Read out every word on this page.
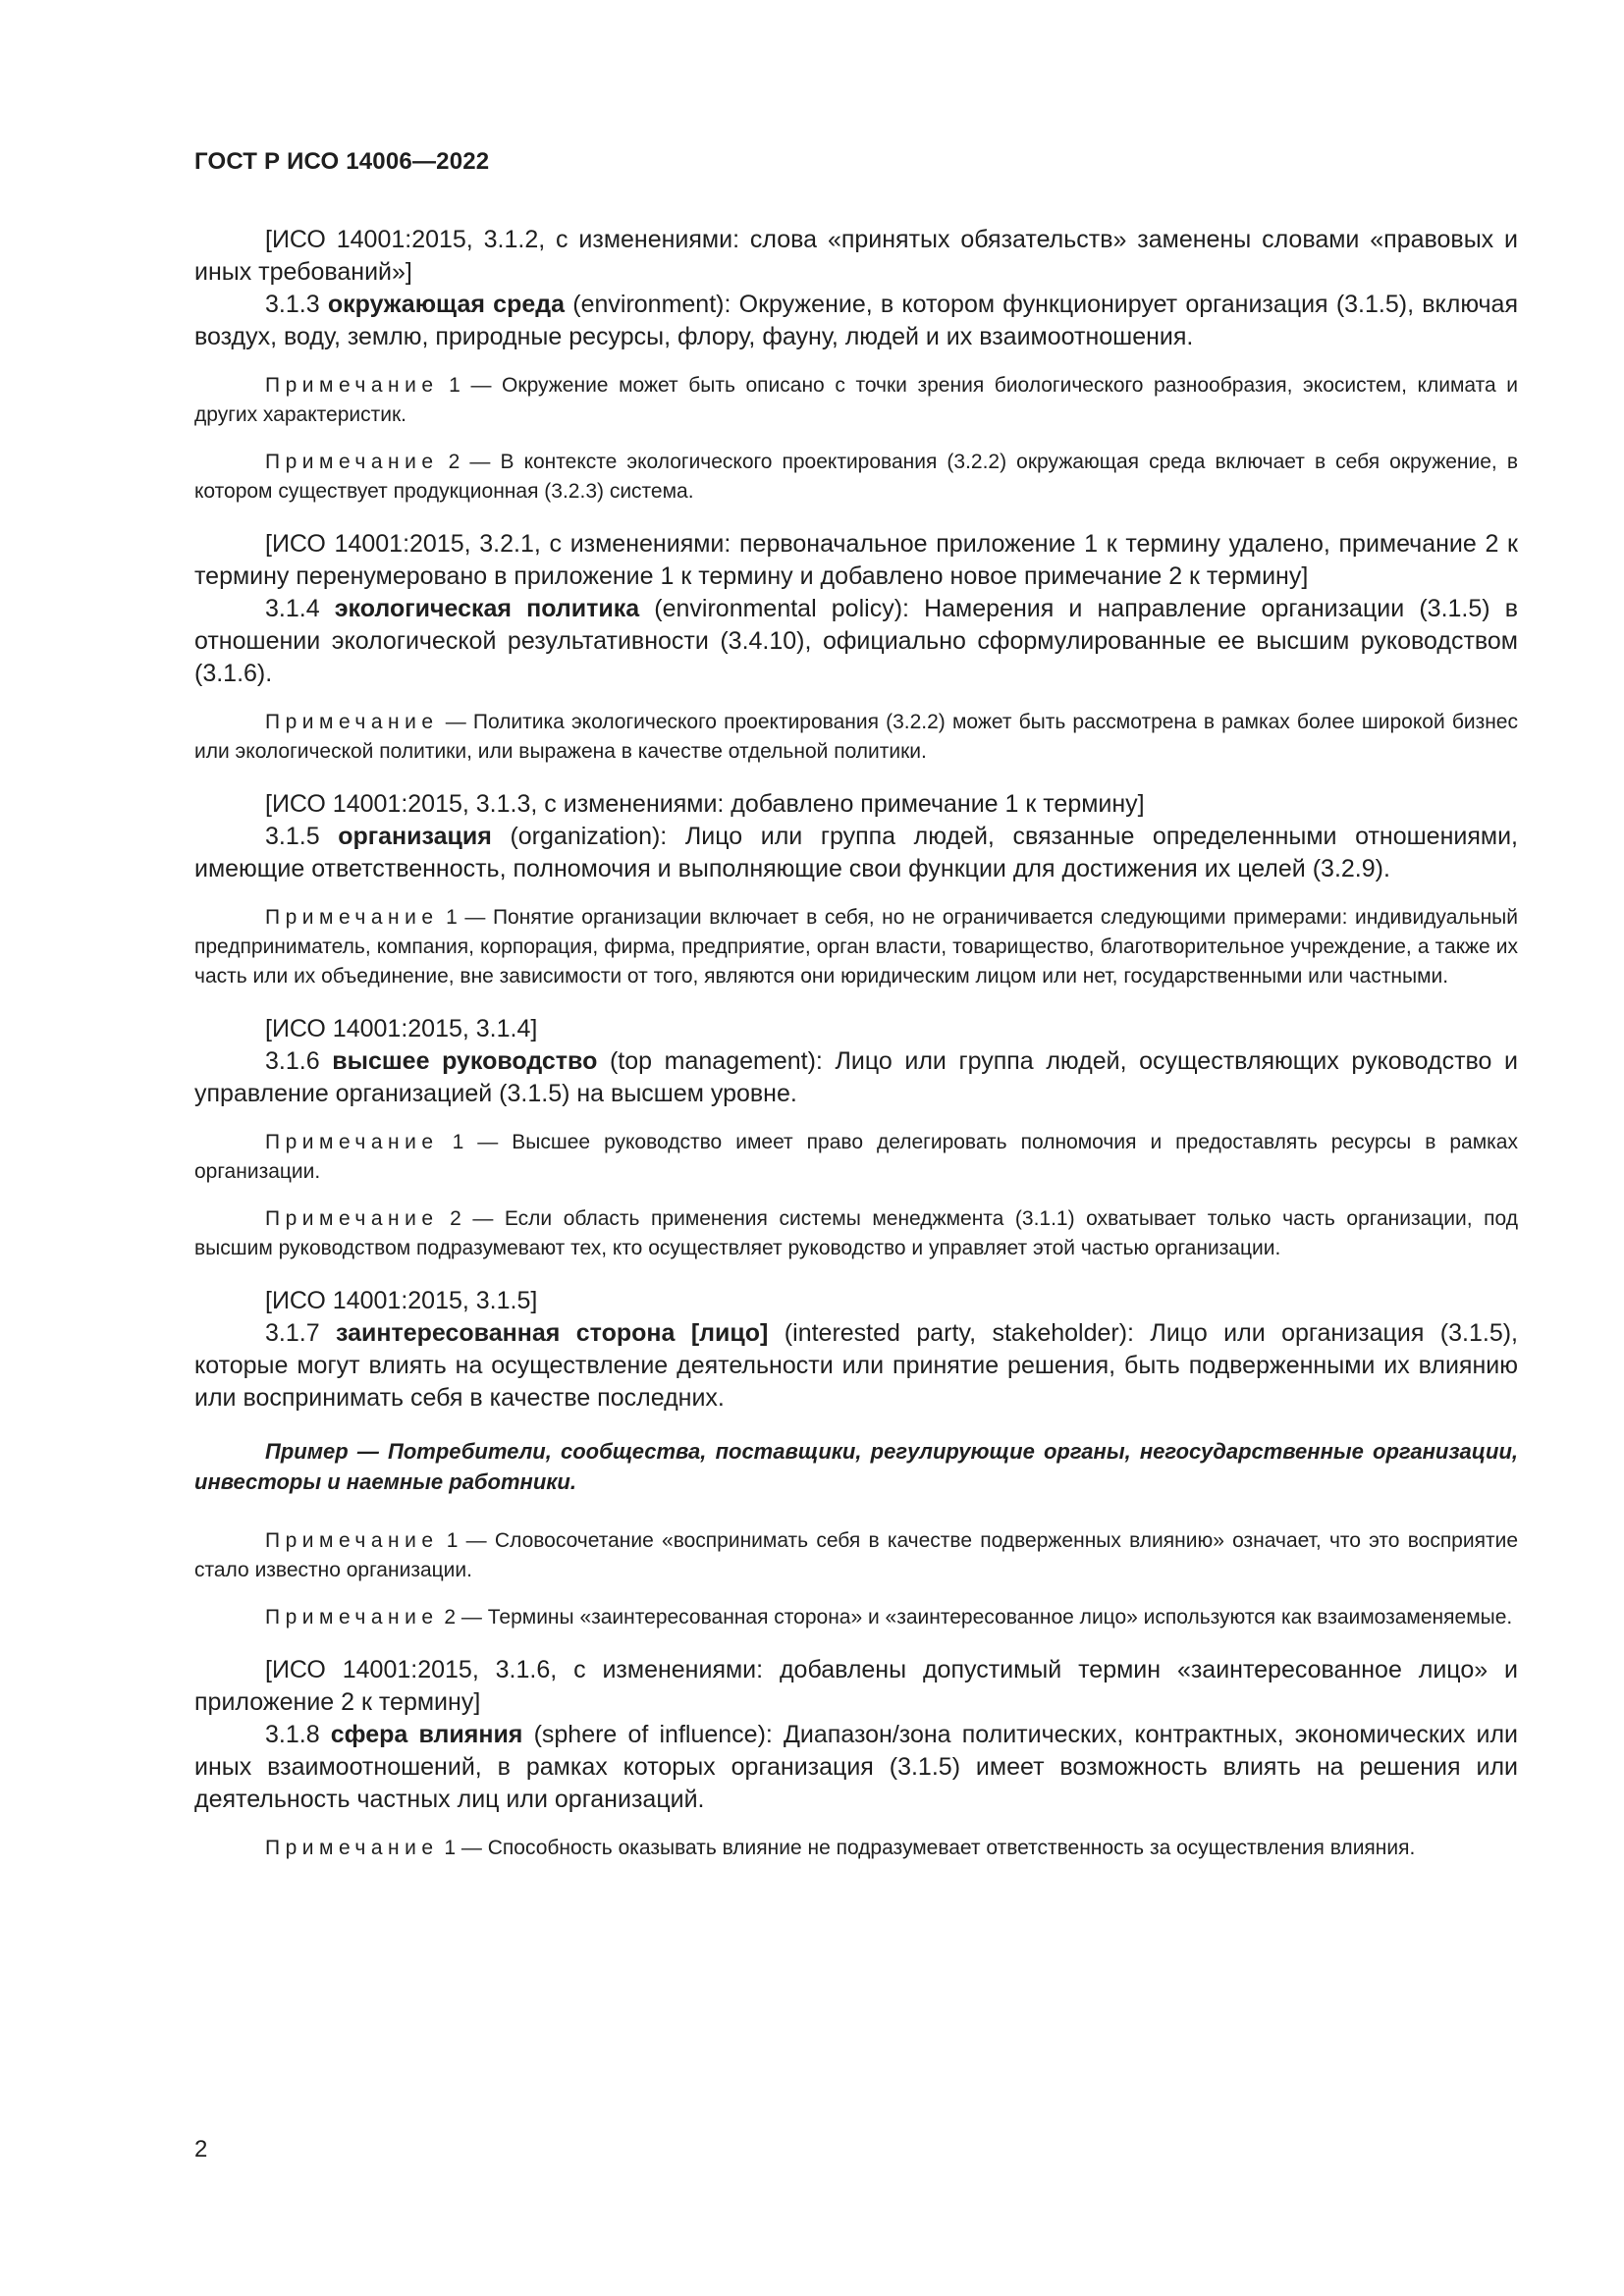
ГОСТ Р ИСО 14006—2022

[ИСО 14001:2015, 3.1.2, с изменениями: слова «принятых обязательств» заменены словами «правовых и иных требований»]

3.1.3 окружающая среда (environment): Окружение, в котором функционирует организация (3.1.5), включая воздух, воду, землю, природные ресурсы, флору, фауну, людей и их взаимоотношения.

Примечание 1 — Окружение может быть описано с точки зрения биологического разнообразия, экосистем, климата и других характеристик.

Примечание 2 — В контексте экологического проектирования (3.2.2) окружающая среда включает в себя окружение, в котором существует продукционная (3.2.3) система.

[ИСО 14001:2015, 3.2.1, с изменениями: первоначальное приложение 1 к термину удалено, примечание 2 к термину перенумеровано в приложение 1 к термину и добавлено новое примечание 2 к термину]

3.1.4 экологическая политика (environmental policy): Намерения и направление организации (3.1.5) в отношении экологической результативности (3.4.10), официально сформулированные ее высшим руководством (3.1.6).

Примечание — Политика экологического проектирования (3.2.2) может быть рассмотрена в рамках более широкой бизнес или экологической политики, или выражена в качестве отдельной политики.

[ИСО 14001:2015, 3.1.3, с изменениями: добавлено примечание 1 к термину]

3.1.5 организация (organization): Лицо или группа людей, связанные определенными отношениями, имеющие ответственность, полномочия и выполняющие свои функции для достижения их целей (3.2.9).

Примечание 1 — Понятие организации включает в себя, но не ограничивается следующими примерами: индивидуальный предприниматель, компания, корпорация, фирма, предприятие, орган власти, товарищество, благотворительное учреждение, а также их часть или их объединение, вне зависимости от того, являются они юридическим лицом или нет, государственными или частными.

[ИСО 14001:2015, 3.1.4]

3.1.6 высшее руководство (top management): Лицо или группа людей, осуществляющих руководство и управление организацией (3.1.5) на высшем уровне.

Примечание 1 — Высшее руководство имеет право делегировать полномочия и предоставлять ресурсы в рамках организации.

Примечание 2 — Если область применения системы менеджмента (3.1.1) охватывает только часть организации, под высшим руководством подразумевают тех, кто осуществляет руководство и управляет этой частью организации.

[ИСО 14001:2015, 3.1.5]

3.1.7 заинтересованная сторона [лицо] (interested party, stakeholder): Лицо или организация (3.1.5), которые могут влиять на осуществление деятельности или принятие решения, быть подверженными их влиянию или воспринимать себя в качестве последних.

Пример — Потребители, сообщества, поставщики, регулирующие органы, негосударственные организации, инвесторы и наемные работники.

Примечание 1 — Словосочетание «воспринимать себя в качестве подверженных влиянию» означает, что это восприятие стало известно организации.

Примечание 2 — Термины «заинтересованная сторона» и «заинтересованное лицо» используются как взаимозаменяемые.

[ИСО 14001:2015, 3.1.6, с изменениями: добавлены допустимый термин «заинтересованное лицо» и приложение 2 к термину]

3.1.8 сфера влияния (sphere of influence): Диапазон/зона политических, контрактных, экономических или иных взаимоотношений, в рамках которых организация (3.1.5) имеет возможность влиять на решения или деятельность частных лиц или организаций.

Примечание 1 — Способность оказывать влияние не подразумевает ответственность за осуществления влияния.

2
